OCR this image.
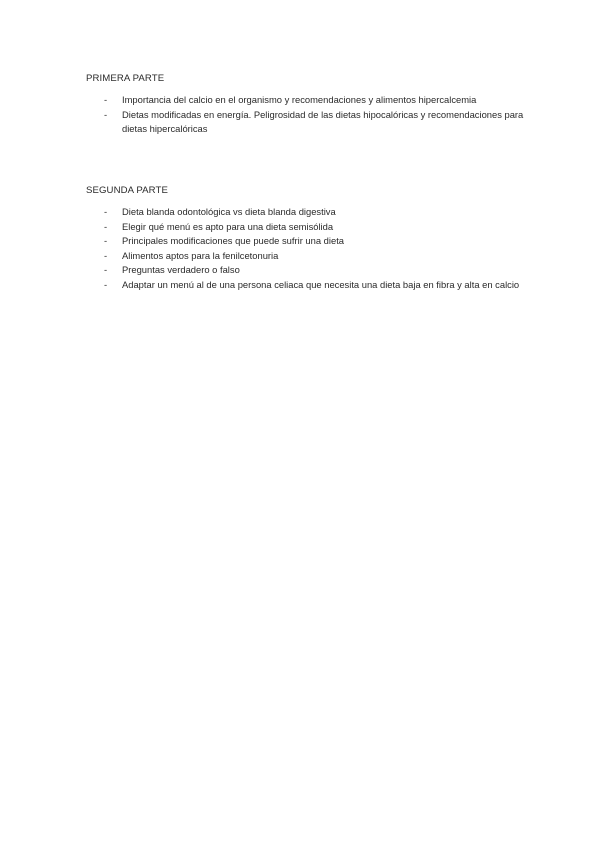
PRIMERA PARTE
- Importancia del calcio en el organismo y recomendaciones y alimentos hipercalcemia
- Dietas modificadas en energía. Peligrosidad de las dietas hipocalóricas y recomendaciones para dietas hipercalóricas
SEGUNDA PARTE
- Dieta blanda odontológica vs dieta blanda digestiva
- Elegir qué menú es apto para una dieta semisólida
- Principales modificaciones que puede sufrir una dieta
- Alimentos aptos para la fenilcetonuria
- Preguntas verdadero o falso
- Adaptar un menú al de una persona celiaca que necesita una dieta baja en fibra y alta en calcio
